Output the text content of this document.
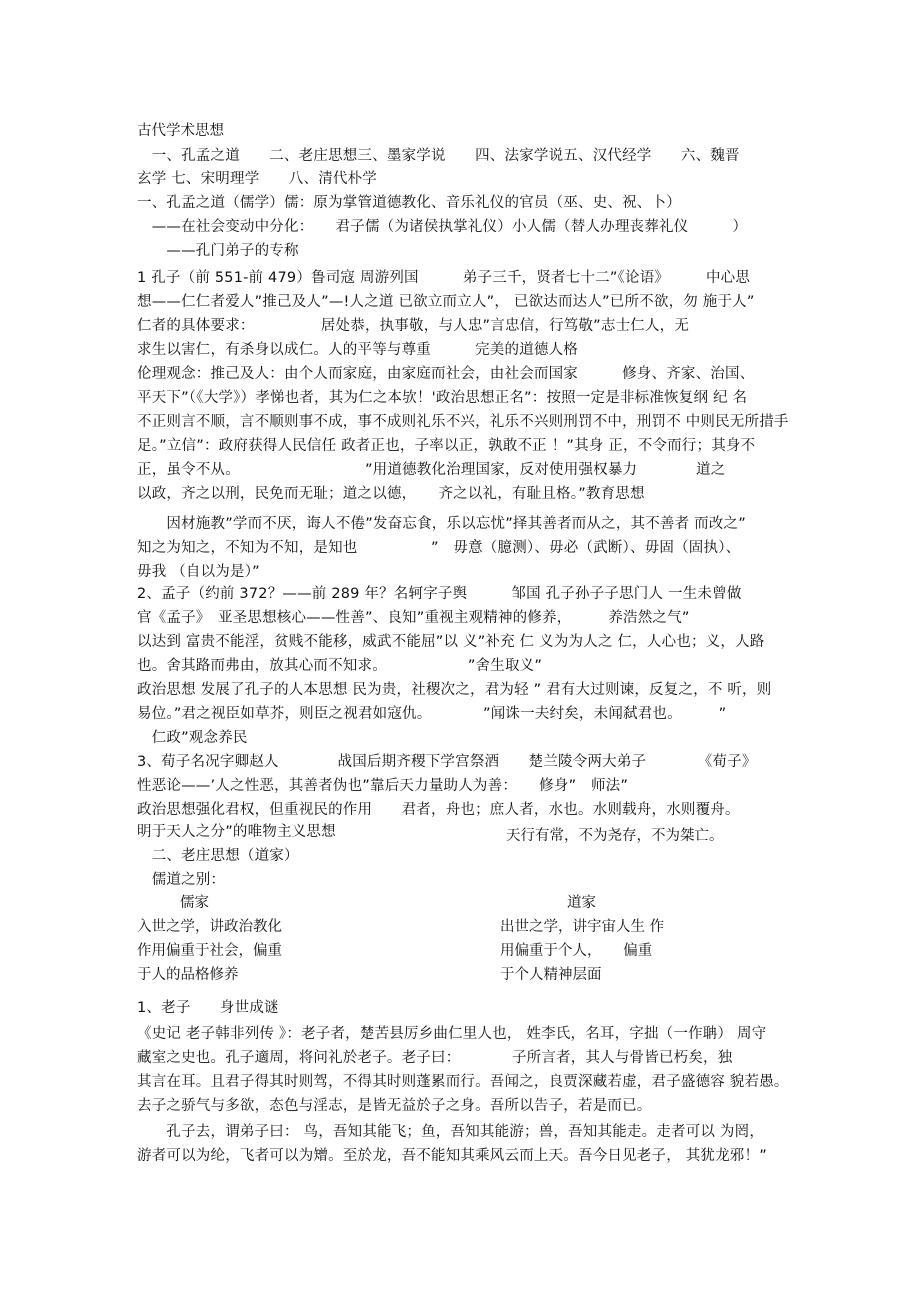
古代学术思想
　一、孔孟之道　　二、老庄思想三、墨家学说　　四、法家学说五、汉代经学　　六、魏晋
玄学 七、宋明理学　　八、清代朴学
一、孔孟之道（儒学）儒：原为掌管道德教化、音乐礼仪的官员（巫、史、祝、卜）
　——在社会变动中分化：　　君子儒（为诸侯执掌礼仪）小人儒（替人办理丧葬礼仪　　　）
　　——孔门弟子的专称
1 孔子（前 551-前 479）鲁司寇 周游列国　　　弟子三千，贤者七十二”《论语》　　　中心思
想——仁仁者爱人”推己及人”—!人之道 已欲立而立人”， 已欲达而达人”已所不欲，勿 施于人”
仁者的具体要求：　　　　　居处恭，执事敬，与人忠”言忠信，行笃敬”志士仁人，无
求生以害仁，有杀身以成仁。人的平等与尊重　　　完美的道德人格
伦理观念：推己及人：由个人而家庭，由家庭而社会，由社会而国家　　　修身、齐家、治国、
平天下”（《大学》）孝悌也者，其为仁之本欤！'政治思想正名”：按照一定是非标准恢复纲 纪 名
不正则言不顺，言不顺则事不成，事不成则礼乐不兴，礼乐不兴则刑罚不中，刑罚不 中则民无所措手
足。”立信”：政府获得人民信任 政者正也，子率以正，孰敢不正 ！”其身 正，不令而行；其身不
正，虽令不从。　　　　　　　　　”用道德教化治理国家，反对使用强权暴力　　　　道之
以政，齐之以刑，民免而无耻；道之以德，　　齐之以礼，有耻且格。”教育思想
　　因材施教”学而不厌，诲人不倦”发奋忘食，乐以忘忧”择其善者而从之，其不善者 而改之”
知之为知之，不知为不知，是知也　　　　　”　毋意（臆测）、毋必（武断）、毋固（固执）、
毋我 （自以为是）”
2、孟子（约前 372？——前 289 年？名轲字子舆　　　邹国 孔子孙子子思门人 一生未曾做
官《孟子》　亚圣思想核心——性善”、良知”重视主观精神的修养，　　　养浩然之气”
以达到 富贵不能淫，贫贱不能移，威武不能屈”以 义”补充 仁 义为为人之 仁，人心也；义，人路
也。舍其路而弗由，放其心而不知求。　　　　　　”舍生取义”
政治思想 发展了孔子的人本思想 民为贵，社稷次之，君为轻 ” 君有大过则谏，反复之，不 听，则
易位。”君之视臣如草芥，则臣之视君如寇仇。　　　　”闻诛一夫纣矣，未闻弑君也。　　　”
　仁政”观念养民
3、荀子名况字卿赵人　　　　战国后期齐稷下学宫祭酒　　楚兰陵令两大弟子　　　　《荀子》
性恶论——’人之性恶，其善者伪也”靠后天力量助人为善：　　修身”　师法”
政治思想强化君权，但重视民的作用　　君者，舟也；庶人者，水也。水则载舟，水则覆舟。
明于天人之分”的唯物主义思想
　二、老庄思想（道家）
　儒道之别：
天行有常，不为尧存，不为桀亡。
儒家	道家
入世之学，讲政治教化
作用偏重于社会，偏重
于人的品格修养
出世之学，讲宇宙人生 作
用偏重于个人，　　偏重
于个人精神层面
1、老子　　身世成谜
《史记 老子韩非列传 》：老子者，楚苦县厉乡曲仁里人也， 姓李氏，名耳，字拙（一作聃） 周守
藏室之史也。孔子適周，将问礼於老子。老子曰：　　　　子所言者，其人与骨皆已朽矣，独
其言在耳。且君子得其时则驾，不得其时则蓬累而行。吾闻之，良贾深藏若虚，君子盛德容 貌若愚。
去子之骄气与多欲，态色与淫志，是皆无益於子之身。吾所以告子，若是而已。
　　孔子去，谓弟子曰： 鸟，吾知其能飞；鱼，吾知其能游；兽，吾知其能走。走者可以 为罔，
游者可以为纶，飞者可以为矰。至於龙，吾不能知其乘风云而上天。吾今日见老子， 其犹龙邪！”
